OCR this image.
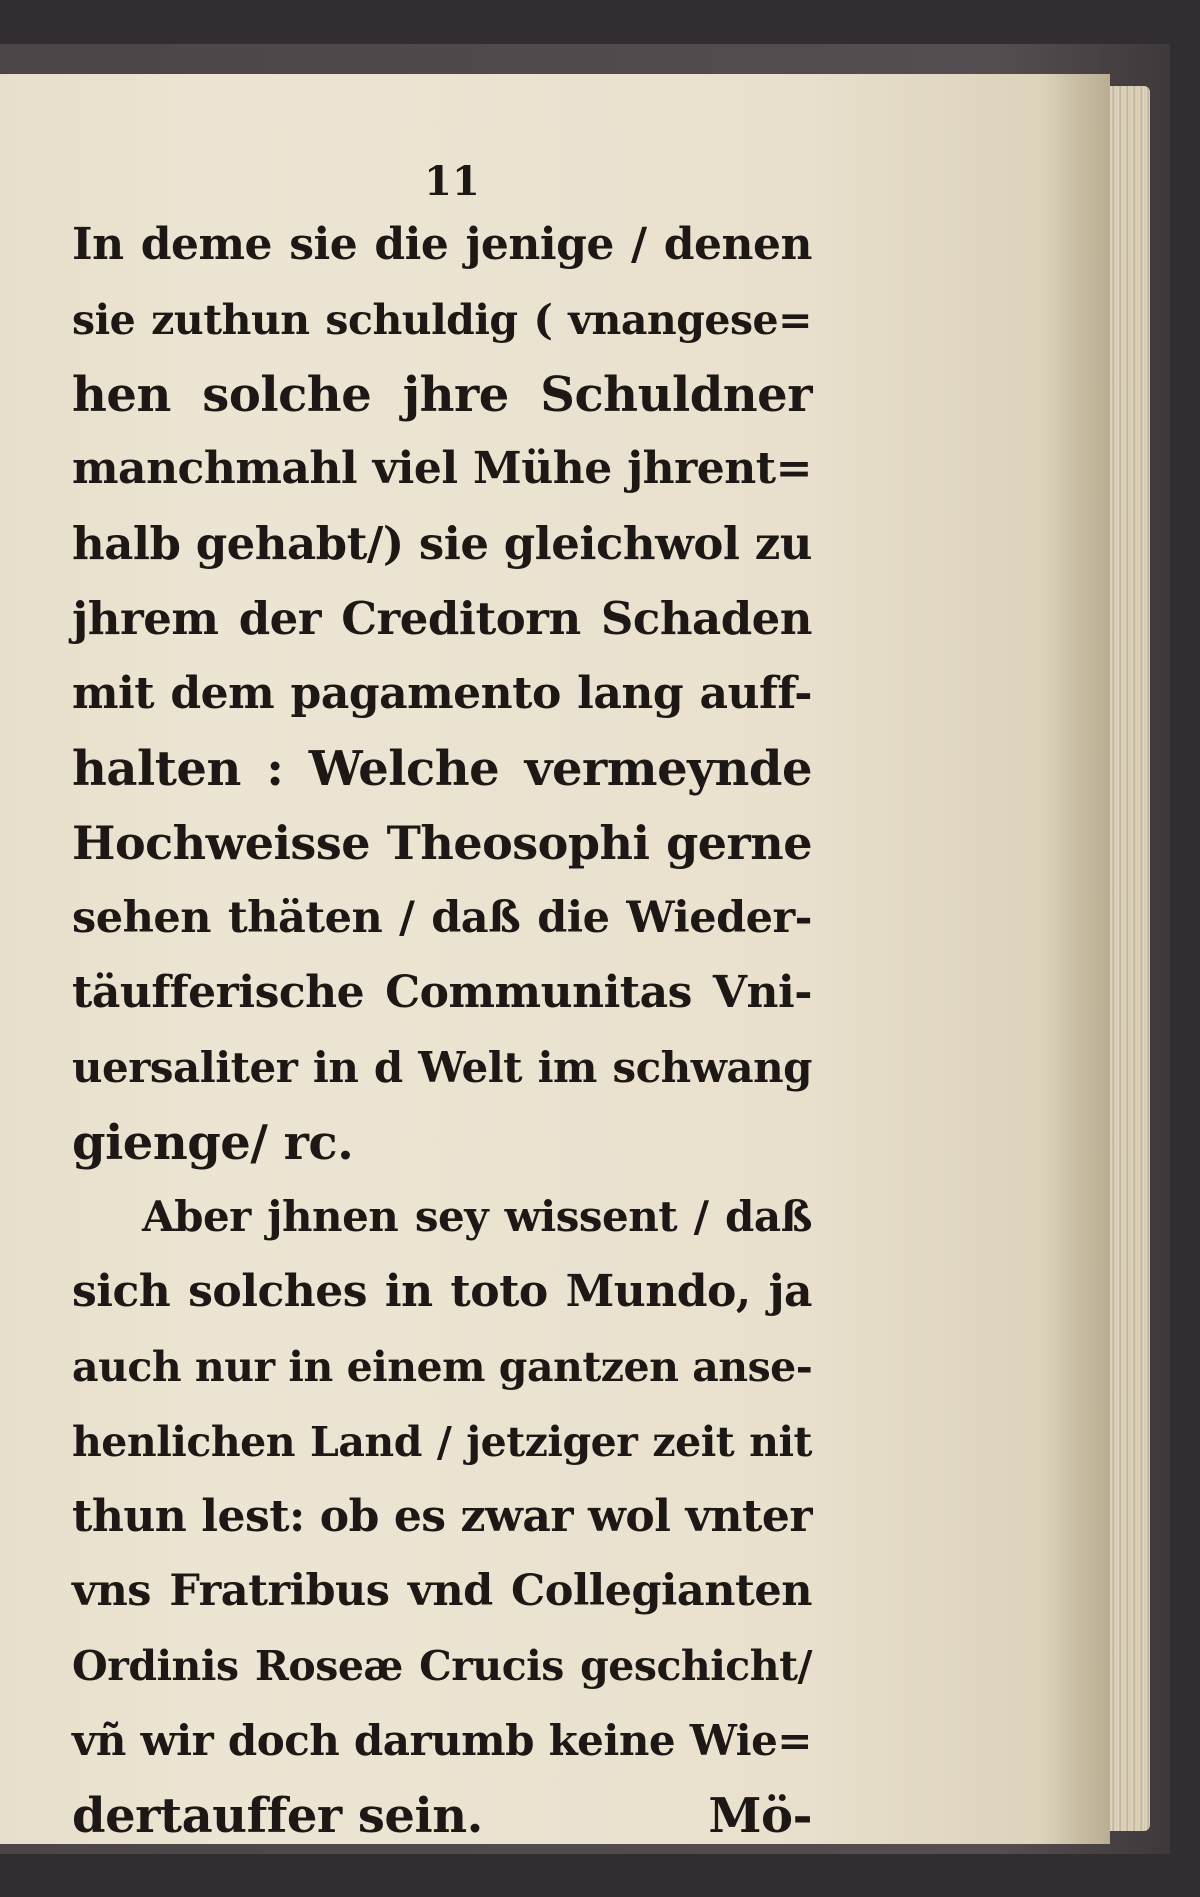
11
In deme sie die jenige / denen
sie zuthun schuldig ( vnangese=
hen solche jhre Schuldner
manchmahl viel Mühe jhrent=
halb gehabt/) sie gleichwol zu
jhrem der Creditorn Schaden
mit dem pagamento lang auff-
halten : Welche vermeynde
Hochweisse Theosophi gerne
sehen thäten / daß die Wieder-
täufferische Communitas Vni-
uersaliter in d Welt im schwang
gienge/ rc.
Aber jhnen sey wissent / daß
sich solches in toto Mundo, ja
auch nur in einem gantzen anse-
henlichen Land / jetziger zeit nit
thun lest: ob es zwar wol vnter
vns Fratribus vnd Collegianten
Ordinis Roseæ Crucis geschicht/
vñ wir doch darumb keine Wie=
dertauffer sein.	Mö-
